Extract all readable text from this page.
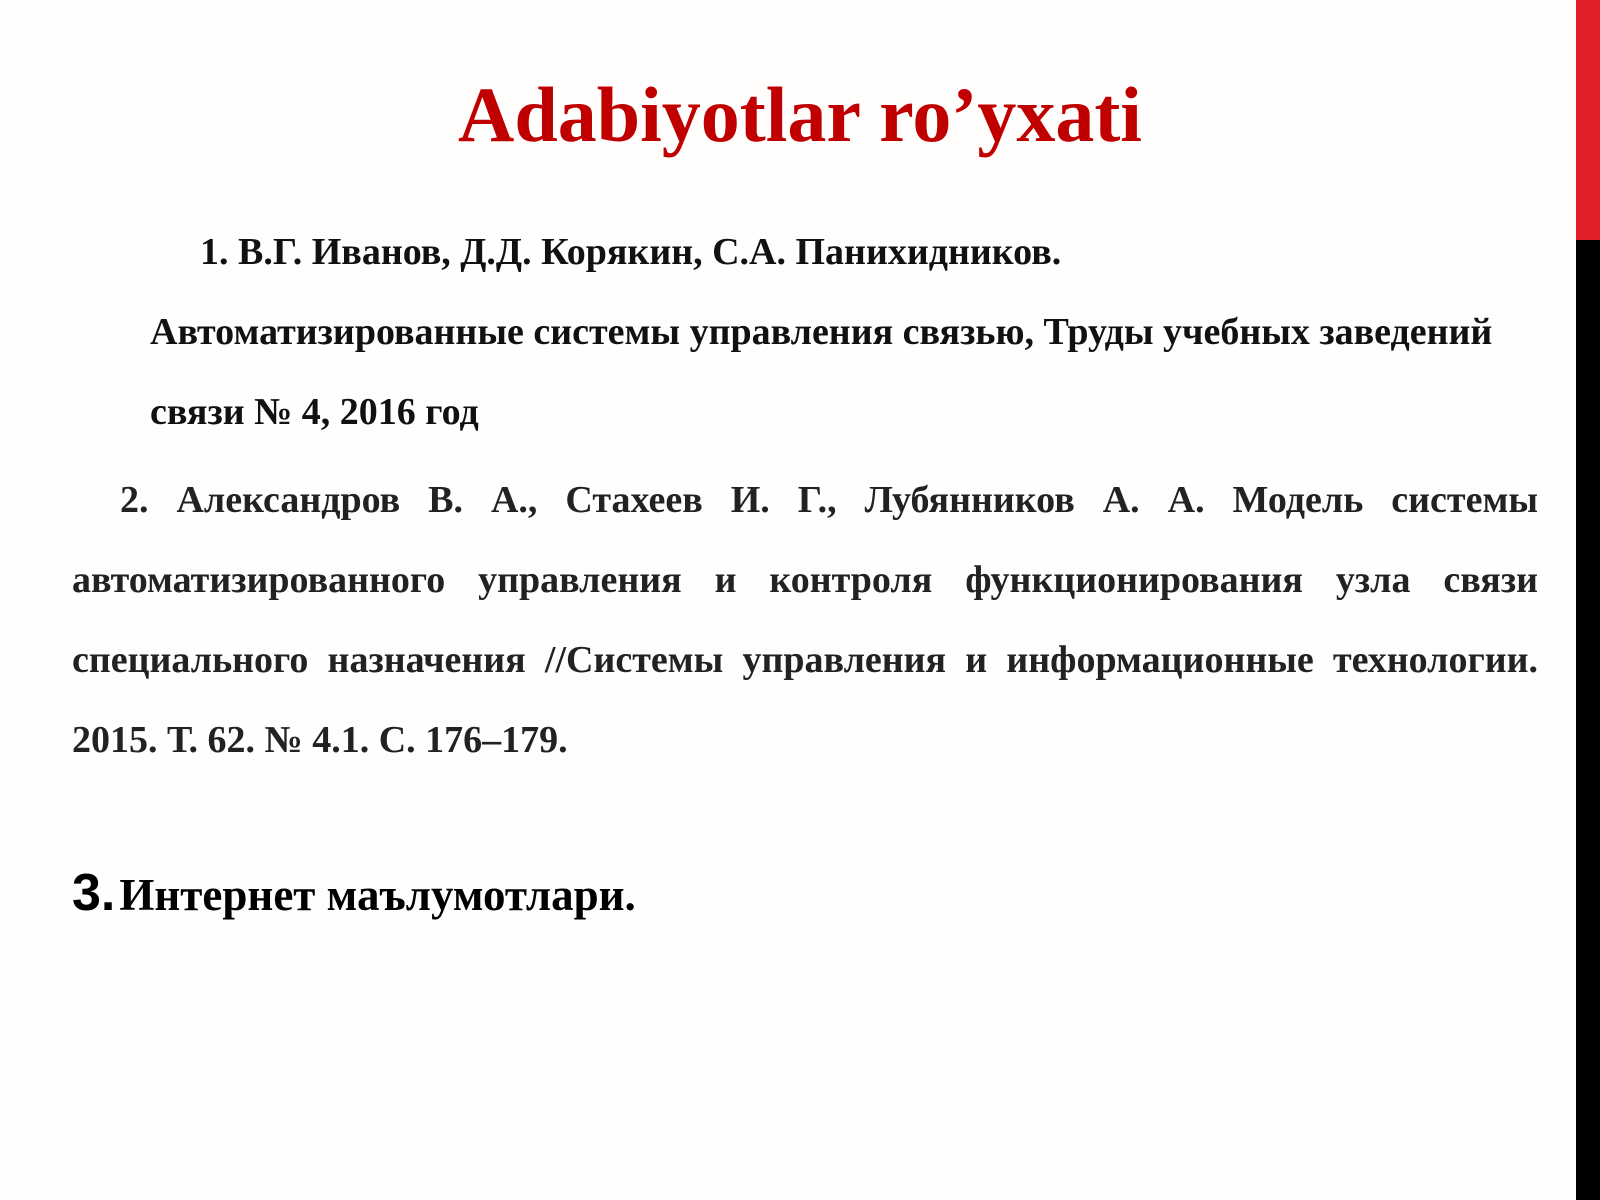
Adabiyotlar ro’yxati
1. В.Г. Иванов, Д.Д. Корякин, С.А. Панихидников.
Автоматизированные системы управления связью, Труды учебных заведений связи № 4, 2016 год

2. Александров В. А., Стахеев И. Г., Лубянников А. А. Модель системы автоматизированного управления и контроля функционирования узла связи специального назначения //Системы управления и информационные технологии. 2015. Т. 62. № 4.1. С. 176–179.

3. Интернет маълумотлари.
